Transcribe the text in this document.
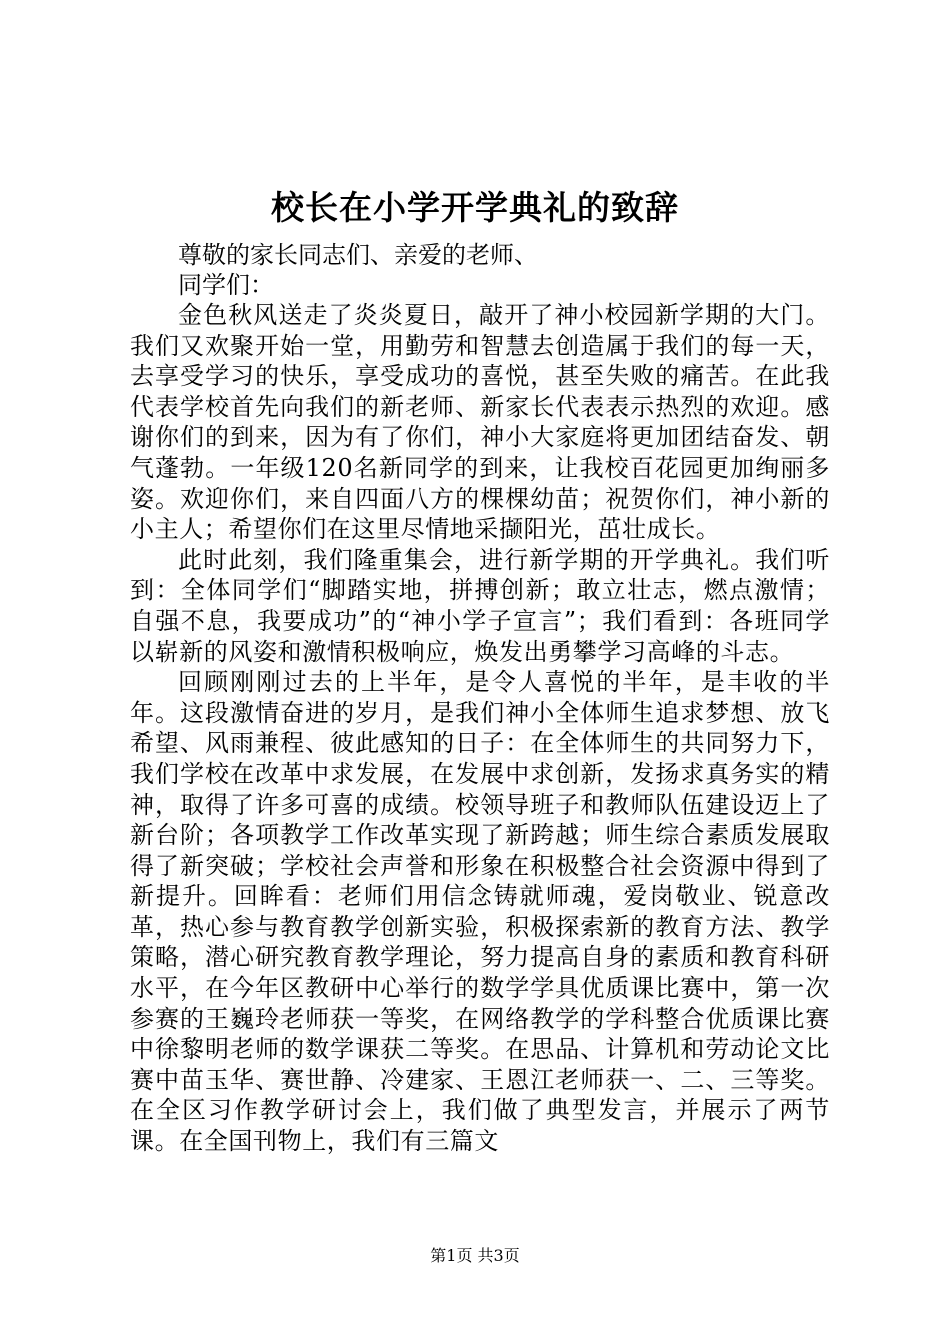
校长在小学开学典礼的致辞

尊敬的家长同志们、亲爱的老师、

同学们：

金色秋风送走了炎炎夏日，敲开了神小校园新学期的大门。我们又欢聚开始一堂，用勤劳和智慧去创造属于我们的每一天，去享受学习的快乐，享受成功的喜悦，甚至失败的痛苦。在此我代表学校首先向我们的新老师、新家长代表表示热烈的欢迎。感谢你们的到来，因为有了你们，神小大家庭将更加团结奋发、朝气蓬勃。一年级120名新同学的到来，让我校百花园更加绚丽多姿。欢迎你们，来自四面八方的棵棵幼苗；祝贺你们，神小新的小主人；希望你们在这里尽情地采撷阳光，茁壮成长。

此时此刻，我们隆重集会，进行新学期的开学典礼。我们听到：全体同学们“脚踏实地，拼搏创新；敢立壮志，燃点激情；自强不息，我要成功”的“神小学子宣言”；我们看到：各班同学以崭新的风姿和激情积极响应，焕发出勇攀学习高峰的斗志。

回顾刚刚过去的上半年，是令人喜悦的半年，是丰收的半年。这段激情奋进的岁月，是我们神小全体师生追求梦想、放飞希望、风雨兼程、彼此感知的日子：在全体师生的共同努力下，我们学校在改革中求发展，在发展中求创新，发扬求真务实的精神，取得了许多可喜的成绩。校领导班子和教师队伍建设迈上了新台阶；各项教学工作改革实现了新跨越；师生综合素质发展取得了新突破；学校社会声誉和形象在积极整合社会资源中得到了新提升。回眸看：老师们用信念铸就师魂，爱岗敬业、锐意改革，热心参与教育教学创新实验，积极探索新的教育方法、教学策略，潜心研究教育教学理论，努力提高自身的素质和教育科研水平，在今年区教研中心举行的数学学具优质课比赛中，第一次参赛的王巍玲老师获一等奖，在网络教学的学科整合优质课比赛中徐黎明老师的数学课获二等奖。在思品、计算机和劳动论文比赛中苗玉华、赛世静、冷建家、王恩江老师获一、二、三等奖。在全区习作教学研讨会上，我们做了典型发言，并展示了两节课。在全国刊物上，我们有三篇文

第1页 共3页
